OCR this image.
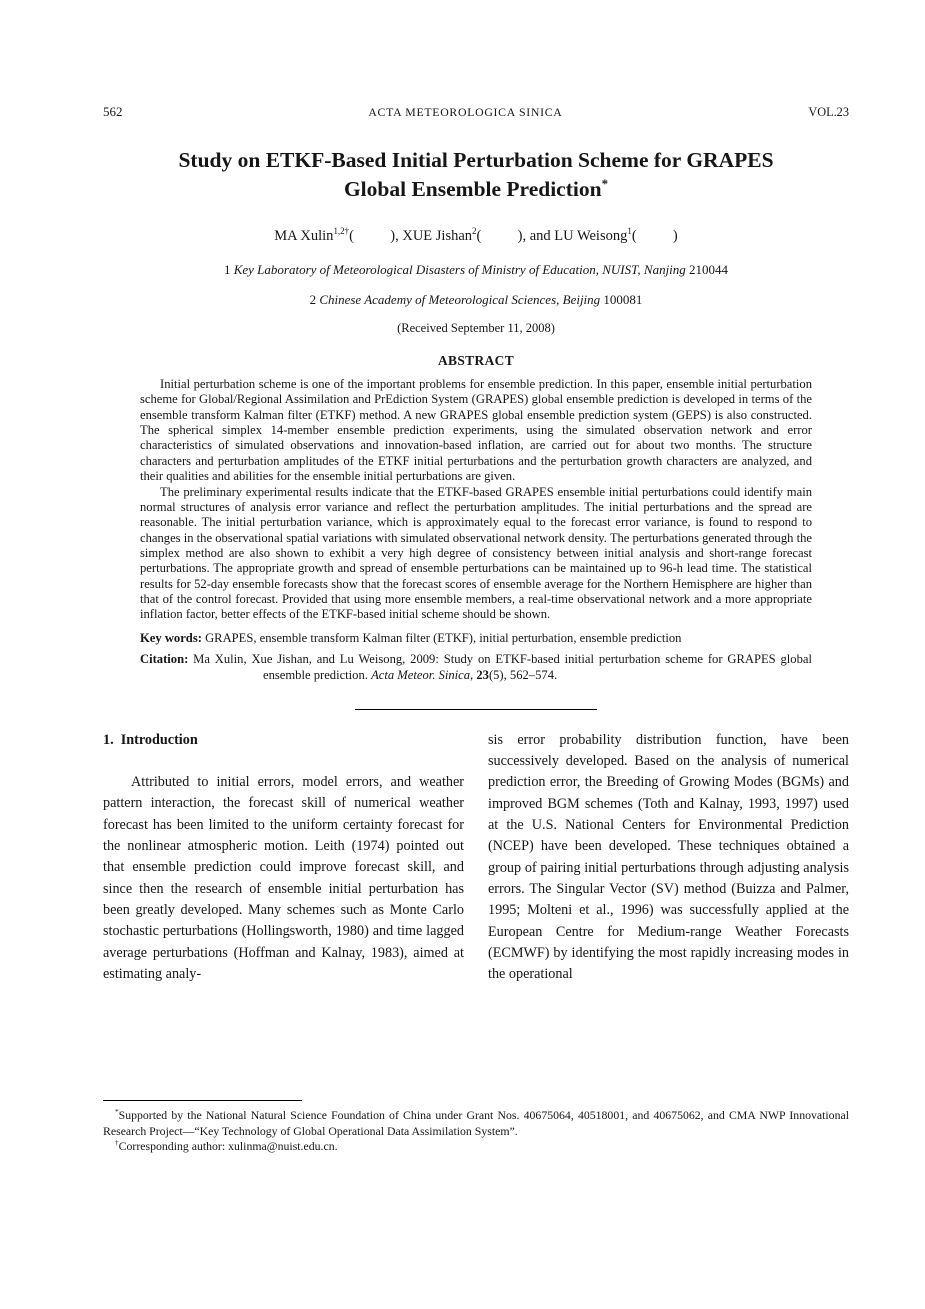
562	ACTA METEOROLOGICA SINICA	VOL.23
Study on ETKF-Based Initial Perturbation Scheme for GRAPES
Global Ensemble Prediction*
MA Xulin$^{1,2\dagger}$(   ), XUE Jishan$^2$(   ), and LU Weisong$^1$(   )
1 Key Laboratory of Meteorological Disasters of Ministry of Education, NUIST, Nanjing 210044
2 Chinese Academy of Meteorological Sciences, Beijing 100081
(Received September 11, 2008)
ABSTRACT

Initial perturbation scheme is one of the important problems for ensemble prediction. In this paper, ensemble initial perturbation scheme for Global/Regional Assimilation and PrEdiction System (GRAPES) global ensemble prediction is developed in terms of the ensemble transform Kalman filter (ETKF) method. A new GRAPES global ensemble prediction system (GEPS) is also constructed. The spherical simplex 14-member ensemble prediction experiments, using the simulated observation network and error characteristics of simulated observations and innovation-based inflation, are carried out for about two months. The structure characters and perturbation amplitudes of the ETKF initial perturbations and the perturbation growth characters are analyzed, and their qualities and abilities for the ensemble initial perturbations are given.

The preliminary experimental results indicate that the ETKF-based GRAPES ensemble initial perturbations could identify main normal structures of analysis error variance and reflect the perturbation amplitudes. The initial perturbations and the spread are reasonable. The initial perturbation variance, which is approximately equal to the forecast error variance, is found to respond to changes in the observational spatial variations with simulated observational network density. The perturbations generated through the simplex method are also shown to exhibit a very high degree of consistency between initial analysis and short-range forecast perturbations. The appropriate growth and spread of ensemble perturbations can be maintained up to 96-h lead time. The statistical results for 52-day ensemble forecasts show that the forecast scores of ensemble average for the Northern Hemisphere are higher than that of the control forecast. Provided that using more ensemble members, a real-time observational network and a more appropriate inflation factor, better effects of the ETKF-based initial scheme should be shown.

Key words: GRAPES, ensemble transform Kalman filter (ETKF), initial perturbation, ensemble prediction
Citation: Ma Xulin, Xue Jishan, and Lu Weisong, 2009: Study on ETKF-based initial perturbation scheme for GRAPES global ensemble prediction. Acta Meteor. Sinica, 23(5), 562–574.
1. Introduction

Attributed to initial errors, model errors, and weather pattern interaction, the forecast skill of numerical weather forecast has been limited to the uniform certainty forecast for the nonlinear atmospheric motion. Leith (1974) pointed out that ensemble prediction could improve forecast skill, and since then the research of ensemble initial perturbation has been greatly developed. Many schemes such as Monte Carlo stochastic perturbations (Hollingsworth, 1980) and time lagged average perturbations (Hoffman and Kalnay, 1983), aimed at estimating analy-

sis error probability distribution function, have been successively developed. Based on the analysis of numerical prediction error, the Breeding of Growing Modes (BGMs) and improved BGM schemes (Toth and Kalnay, 1993, 1997) used at the U.S. National Centers for Environmental Prediction (NCEP) have been developed. These techniques obtained a group of pairing initial perturbations through adjusting analysis errors. The Singular Vector (SV) method (Buizza and Palmer, 1995; Molteni et al., 1996) was successfully applied at the European Centre for Medium-range Weather Forecasts (ECMWF) by identifying the most rapidly increasing modes in the operational

*Supported by the National Natural Science Foundation of China under Grant Nos. 40675064, 40518001, and 40675062, and CMA NWP Innovational Research Project—“Key Technology of Global Operational Data Assimilation System”.

†Corresponding author: xulinma@nuist.edu.cn.
